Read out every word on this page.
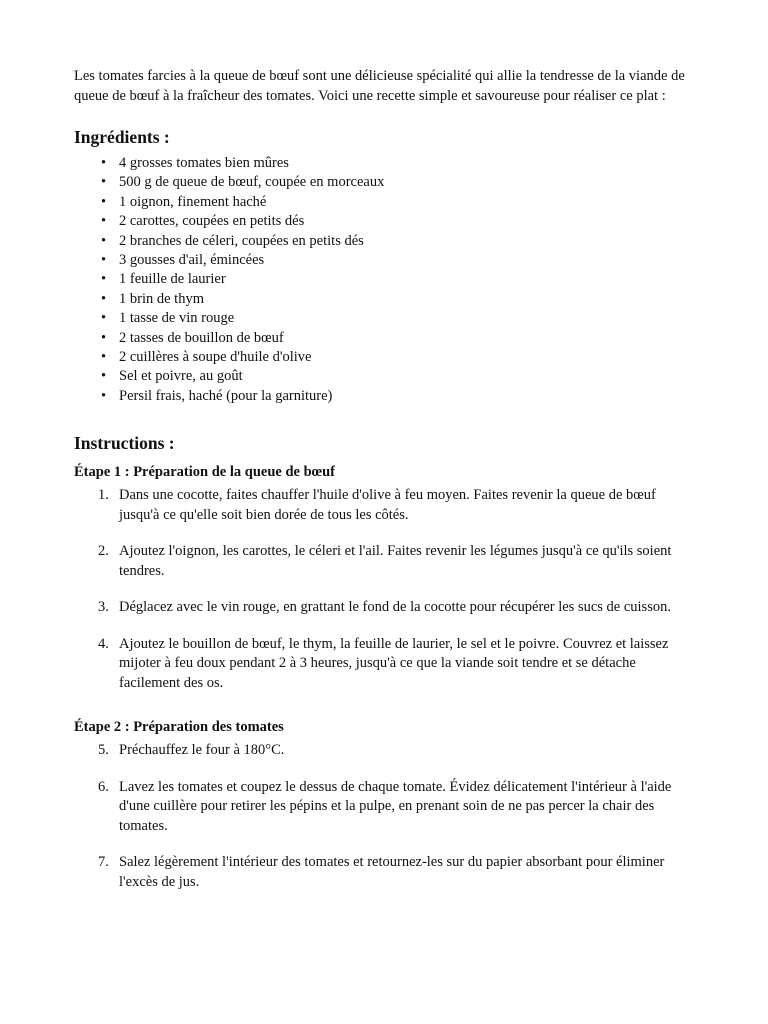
Les tomates farcies à la queue de bœuf sont une délicieuse spécialité qui allie la tendresse de la viande de queue de bœuf à la fraîcheur des tomates. Voici une recette simple et savoureuse pour réaliser ce plat :

Ingrédients :
• 4 grosses tomates bien mûres
• 500 g de queue de bœuf, coupée en morceaux
• 1 oignon, finement haché
• 2 carottes, coupées en petits dés
• 2 branches de céleri, coupées en petits dés
• 3 gousses d'ail, émincées
• 1 feuille de laurier
• 1 brin de thym
• 1 tasse de vin rouge
• 2 tasses de bouillon de bœuf
• 2 cuillères à soupe d'huile d'olive
• Sel et poivre, au goût
• Persil frais, haché (pour la garniture)
Instructions :
Étape 1 : Préparation de la queue de bœuf
1. Dans une cocotte, faites chauffer l'huile d'olive à feu moyen. Faites revenir la queue de bœuf jusqu'à ce qu'elle soit bien dorée de tous les côtés.
2. Ajoutez l'oignon, les carottes, le céleri et l'ail. Faites revenir les légumes jusqu'à ce qu'ils soient tendres.
3. Déglacez avec le vin rouge, en grattant le fond de la cocotte pour récupérer les sucs de cuisson.
4. Ajoutez le bouillon de bœuf, le thym, la feuille de laurier, le sel et le poivre. Couvrez et laissez mijoter à feu doux pendant 2 à 3 heures, jusqu'à ce que la viande soit tendre et se détache facilement des os.
Étape 2 : Préparation des tomates
5. Préchauffez le four à 180°C.
6. Lavez les tomates et coupez le dessus de chaque tomate. Évidez délicatement l'intérieur à l'aide d'une cuillère pour retirer les pépins et la pulpe, en prenant soin de ne pas percer la chair des tomates.
7. Salez légèrement l'intérieur des tomates et retournez-les sur du papier absorbant pour éliminer l'excès de jus.
